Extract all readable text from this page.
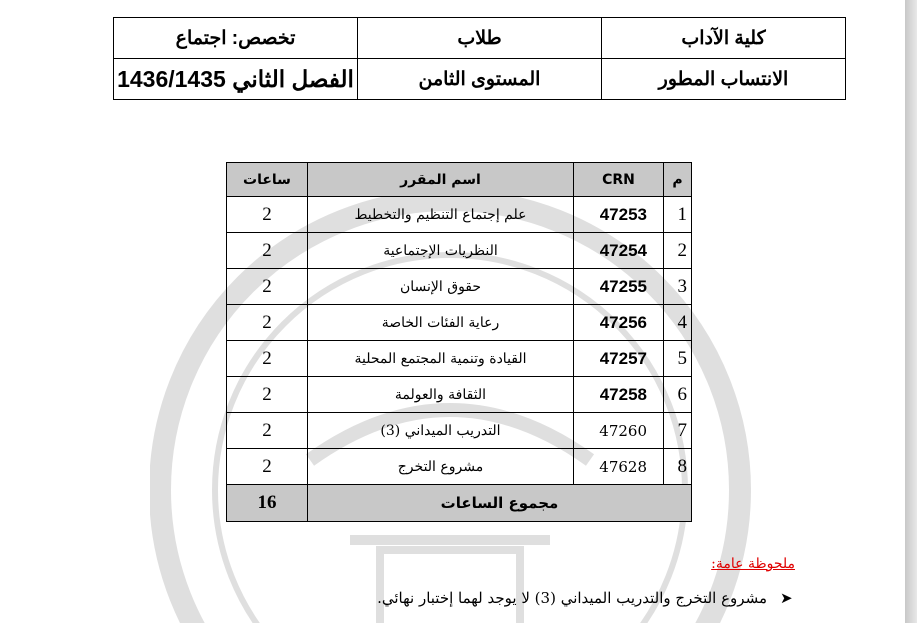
كلية الآداب	طلاب	تخصص: اجتماع
الانتساب المطور	المستوى الثامن	الفصل الثاني 1436/1435
م	CRN	اسم المقرر	ساعات
1	47253	علم إجتماع التنظيم والتخطيط	2
2	47254	النظريات الإجتماعية	2
3	47255	حقوق الإنسان	2
4	47256	رعاية الفئات الخاصة	2
5	47257	القيادة وتنمية المجتمع المحلية	2
6	47258	الثقافة والعولمة	2
7	47260	التدريب الميداني (3)	2
8	47628	مشروع التخرج	2
مجموع الساعات			16
ملحوظة عامة:
➤
مشروع التخرج والتدريب الميداني (3) لا يوجد لهما إختبار نهائي.
